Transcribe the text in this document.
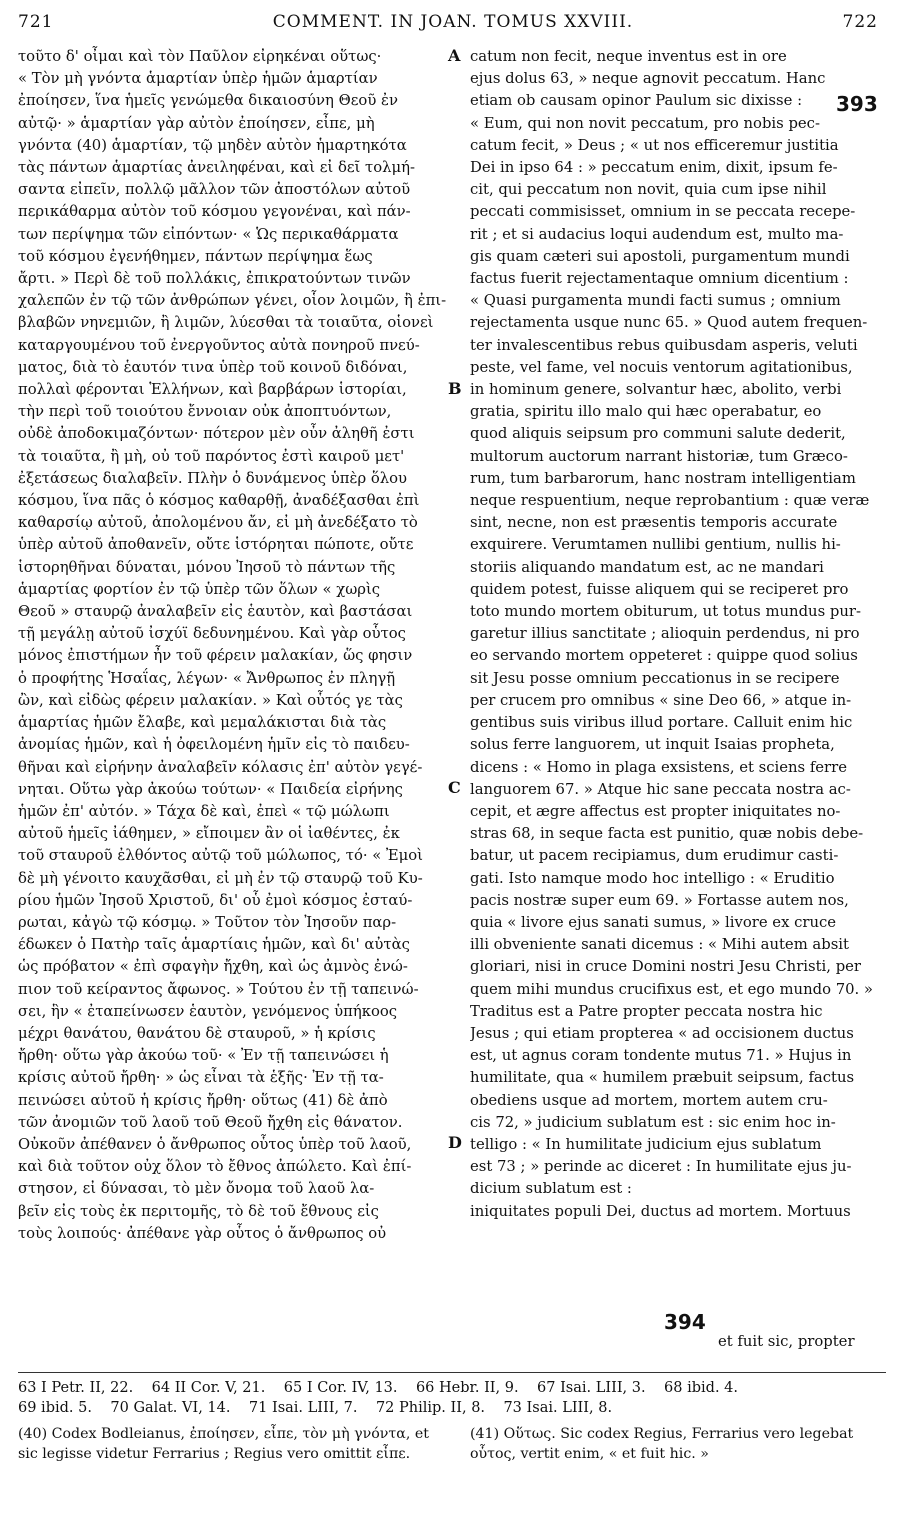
721	COMMENT. IN JOAN. TOMUS XXVIII.	722
τοῦτο δ' οἶμαι καὶ τὸν Παῦλον εἰρηκέναι οὕτως·
« Τὸν μὴ γνόντα ἁμαρτίαν ὑπὲρ ἡμῶν ἁμαρτίαν
ἐποίησεν, ἵνα ἡμεῖς γενώμεθα δικαιοσύνη Θεοῦ ἐν
αὐτῷ· » ἁμαρτίαν γὰρ αὐτὸν ἐποίησεν, εἶπε, μὴ
γνόντα (40) ἁμαρτίαν, τῷ μηδὲν αὐτὸν ἡμαρτηκότα
τὰς πάντων ἁμαρτίας ἀνειληφέναι, καὶ εἰ δεῖ τολμή-
σαντα εἰπεῖν, πολλῷ μᾶλλον τῶν ἀποστόλων αὐτοῦ
περικάθαρμα αὐτὸν τοῦ κόσμου γεγονέναι, καὶ πάν-
των περίψημα τῶν εἰπόντων· « Ὡς περικαθάρματα
τοῦ κόσμου ἐγενήθημεν, πάντων περίψημα ἕως
ἄρτι. » Περὶ δὲ τοῦ πολλάκις, ἐπικρατούντων τινῶν
χαλεπῶν ἐν τῷ τῶν ἀνθρώπων γένει, οἷον λοιμῶν, ἢ ἐπι-
βλαβῶν νηνεμιῶν, ἢ λιμῶν, λύεσθαι τὰ τοιαῦτα, οἱονεὶ
καταργουμένου τοῦ ἐνεργοῦντος αὐτὰ πονηροῦ πνεύ-
ματος, διὰ τὸ ἑαυτόν τινα ὑπὲρ τοῦ κοινοῦ διδόναι,
πολλαὶ φέρονται Ἑλλήνων, καὶ βαρβάρων ἱστορίαι,
τὴν περὶ τοῦ τοιούτου ἔννοιαν οὐκ ἀποπτυόντων,
οὐδὲ ἀποδοκιμαζόντων· πότερον μὲν οὖν ἀληθῆ ἐστι
τὰ τοιαῦτα, ἢ μὴ, οὐ τοῦ παρόντος ἐστὶ καιροῦ μετ'
ἐξετάσεως διαλαβεῖν. Πλὴν ὁ δυνάμενος ὑπὲρ ὅλου
κόσμου, ἵνα πᾶς ὁ κόσμος καθαρθῇ, ἀναδέξασθαι ἐπὶ
καθαρσίῳ αὐτοῦ, ἀπολομένου ἄν, εἰ μὴ ἀνεδέξατο τὸ
ὑπὲρ αὐτοῦ ἀποθανεῖν, οὔτε ἱστόρηται πώποτε, οὔτε
ἱστορηθῆναι δύναται, μόνου Ἰησοῦ τὸ πάντων τῆς
ἁμαρτίας φορτίον ἐν τῷ ὑπὲρ τῶν ὅλων « χωρὶς
Θεοῦ » σταυρῷ ἀναλαβεῖν εἰς ἑαυτὸν, καὶ βαστάσαι
τῇ μεγάλῃ αὐτοῦ ἰσχύϊ δεδυνημένου. Καὶ γὰρ οὗτος
μόνος ἐπιστήμων ἦν τοῦ φέρειν μαλακίαν, ὥς φησιν
ὁ προφήτης Ἡσαΐας, λέγων· « Ἄνθρωπος ἐν πληγῇ
ὢν, καὶ εἰδὼς φέρειν μαλακίαν. » Καὶ οὗτός γε τὰς
ἁμαρτίας ἡμῶν ἔλαβε, καὶ μεμαλάκισται διὰ τὰς
ἀνομίας ἡμῶν, καὶ ἡ ὀφειλομένη ἡμῖν εἰς τὸ παιδευ-
θῆναι καὶ εἰρήνην ἀναλαβεῖν κόλασις ἐπ' αὐτὸν γεγέ-
νηται. Οὕτω γὰρ ἀκούω τούτων· « Παιδεία εἰρήνης
ἡμῶν ἐπ' αὐτόν. » Τάχα δὲ καὶ, ἐπεὶ « τῷ μώλωπι
αὐτοῦ ἡμεῖς ἰάθημεν, » εἴποιμεν ἂν οἱ ἰαθέντες, ἐκ
τοῦ σταυροῦ ἐλθόντος αὐτῷ τοῦ μώλωπος, τό· « Ἐμοὶ
δὲ μὴ γένοιτο καυχᾶσθαι, εἰ μὴ ἐν τῷ σταυρῷ τοῦ Κυ-
ρίου ἡμῶν Ἰησοῦ Χριστοῦ, δι' οὗ ἐμοὶ κόσμος ἐσταύ-
ρωται, κἀγὼ τῷ κόσμῳ. » Τοῦτον τὸν Ἰησοῦν παρ-
έδωκεν ὁ Πατὴρ ταῖς ἁμαρτίαις ἡμῶν, καὶ δι' αὐτὰς
ὡς πρόβατον « ἐπὶ σφαγὴν ἤχθη, καὶ ὡς ἀμνὸς ἐνώ-
πιον τοῦ κείραντος ἄφωνος. » Τούτου ἐν τῇ ταπεινώ-
σει, ἣν « ἐταπείνωσεν ἑαυτὸν, γενόμενος ὑπήκοος
μέχρι θανάτου, θανάτου δὲ σταυροῦ, » ἡ κρίσις
ἤρθη· οὕτω γὰρ ἀκούω τοῦ· « Ἐν τῇ ταπεινώσει ἡ
κρίσις αὐτοῦ ἤρθη· » ὡς εἶναι τὰ ἑξῆς· Ἐν τῇ τα-
πεινώσει αὐτοῦ ἡ κρίσις ἤρθη· οὕτως (41) δὲ ἀπὸ
τῶν ἀνομιῶν τοῦ λαοῦ τοῦ Θεοῦ ἤχθη εἰς θάνατον.
Οὐκοῦν ἀπέθανεν ὁ ἄνθρωπος οὗτος ὑπὲρ τοῦ λαοῦ,
καὶ διὰ τοῦτον οὐχ ὅλον τὸ ἔθνος ἀπώλετο. Καὶ ἐπί-
στησον, εἰ δύνασαι, τὸ μὲν ὄνομα τοῦ λαοῦ λα-
βεῖν εἰς τοὺς ἐκ περιτομῆς, τὸ δὲ τοῦ ἔθνους εἰς
τοὺς λοιπούς· ἀπέθανε γὰρ οὗτος ὁ ἄνθρωπος οὐ
catum non fecit, neque inventus est in ore
ejus dolus 63, » neque agnovit peccatum. Hanc
etiam ob causam opinor Paulum sic dixisse :
« Eum, qui non novit peccatum, pro nobis pec-
catum fecit, » Deus ; « ut nos efficeremur justitia
Dei in ipso 64 : » peccatum enim, dixit, ipsum fe-
cit, qui peccatum non novit, quia cum ipse nihil
peccati commisisset, omnium in se peccata recepe-
rit ; et si audacius loqui audendum est, multo ma-
gis quam cæteri sui apostoli, purgamentum mundi
factus fuerit rejectamentaque omnium dicentium :
« Quasi purgamenta mundi facti sumus ; omnium
rejectamenta usque nunc 65. » Quod autem frequen-
ter invalescentibus rebus quibusdam asperis, veluti
peste, vel fame, vel nocuis ventorum agitationibus,
in hominum genere, solvantur hæc, abolito, verbi
gratia, spiritu illo malo qui hæc operabatur, eo
quod aliquis seipsum pro communi salute dederit,
multorum auctorum narrant historiæ, tum Græco-
rum, tum barbarorum, hanc nostram intelligentiam
neque respuentium, neque reprobantium : quæ veræ
sint, necne, non est præsentis temporis accurate
exquirere. Verumtamen nullibi gentium, nullis hi-
storiis aliquando mandatum est, ac ne mandari
quidem potest, fuisse aliquem qui se reciperet pro
toto mundo mortem obiturum, ut totus mundus pur-
garetur illius sanctitate ; alioquin perdendus, ni pro
eo servando mortem oppeteret : quippe quod solius
sit Jesu posse omnium peccationus in se recipere
per crucem pro omnibus « sine Deo 66, » atque in-
gentibus suis viribus illud portare. Calluit enim hic
solus ferre languorem, ut inquit Isaias propheta,
dicens : « Homo in plaga exsistens, et sciens ferre
languorem 67. » Atque hic sane peccata nostra ac-
cepit, et ægre affectus est propter iniquitates no-
stras 68, in seque facta est punitio, quæ nobis debe-
batur, ut pacem recipiamus, dum erudimur casti-
gati. Isto namque modo hoc intelligo : « Eruditio
pacis nostræ super eum 69. » Fortasse autem nos,
quia « livore ejus sanati sumus, » livore ex cruce
illi obveniente sanati dicemus : « Mihi autem absit
gloriari, nisi in cruce Domini nostri Jesu Christi, per
quem mihi mundus crucifixus est, et ego mundo 70. »
Traditus est a Patre propter peccata nostra hic
Jesus ; qui etiam propterea « ad occisionem ductus
est, ut agnus coram tondente mutus 71. » Hujus in
humilitate, qua « humilem præbuit seipsum, factus
obediens usque ad mortem, mortem autem cru-
cis 72, » judicium sublatum est : sic enim hoc in-
telligo : « In humilitate judicium ejus sublatum
est 73 ; » perinde ac diceret : In humilitate ejus ju-
dicium sublatum est :
iniquitates populi Dei, ductus ad mortem. Mortuus
A
B
C
D
393
394
et fuit sic, propter
63 I Petr. II, 22.    64 II Cor. V, 21.    65 I Cor. IV, 13.    66 Hebr. II, 9.    67 Isai. LIII, 3.    68 ibid. 4.
69 ibid. 5.    70 Galat. VI, 14.    71 Isai. LIII, 7.    72 Philip. II, 8.    73 Isai. LIII, 8.
(40) Codex Bodleianus, ἐποίησεν, εἶπε, τὸν μὴ γνόντα, et sic legisse videtur Ferrarius ; Regius vero omittit εἶπε.
(41) Οὕτως. Sic codex Regius, Ferrarius vero legebat οὗτος, vertit enim, « et fuit hic. »
